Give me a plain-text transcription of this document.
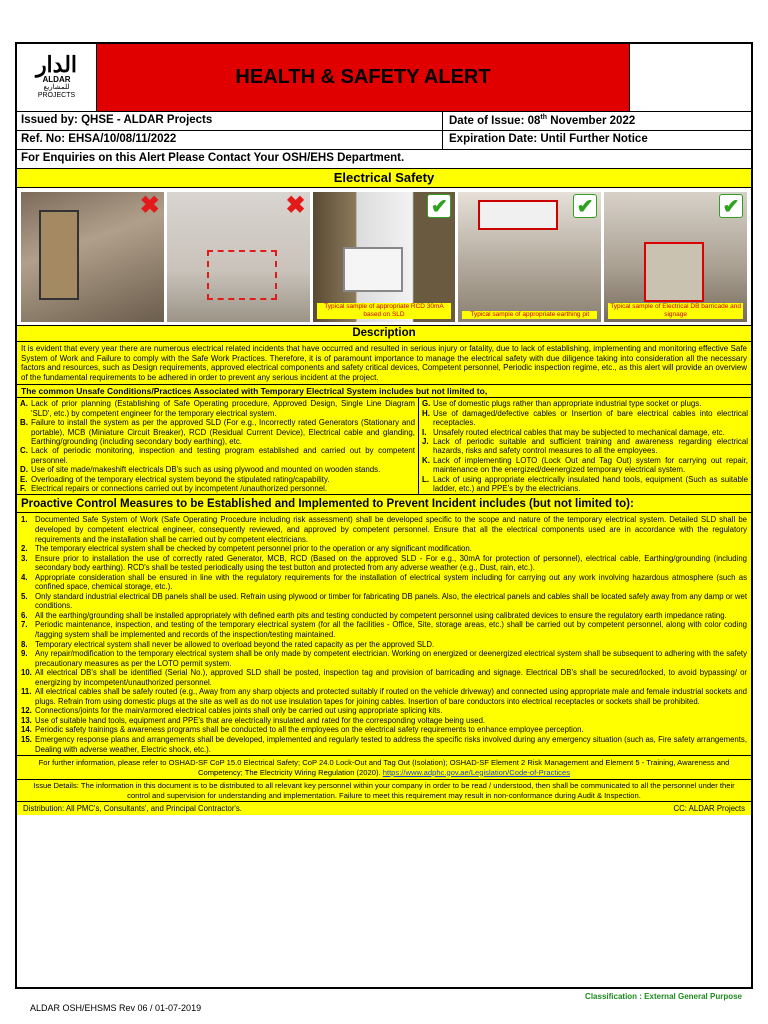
الدار
ALDAR
للمشاريع
PROJECTS
HEALTH & SAFETY ALERT
Issued by: QHSE - ALDAR Projects	Date of Issue: 08th November 2022
Ref. No: EHSA/10/08/11/2022	Expiration Date: Until Further Notice
For Enquiries on this Alert Please Contact Your OSH/EHS Department.
Electrical Safety
✖	✖	✔
Typical sample of appropriate RCD 30mA based on SLD
✔
Typical sample of appropriate earthing pit
✔
Typical sample of Electrical DB barricade and signage
Description
It is evident that every year there are numerous electrical related incidents that have occurred and resulted in serious injury or fatality, due to lack of establishing, implementing and monitoring effective Safe System of Work and Failure to comply with the Safe Work Practices. Therefore, it is of paramount importance to manage the electrical safety with due diligence taking into consideration all the necessary factors and resources, such as Design requirements, approved electrical components and safety critical devices, Competent personnel, Periodic inspection regime, etc., as this alert will provide an overview of the fundamental requirements to be adhered in order to prevent any serious incident at the project.
The common Unsafe Conditions/Practices Associated with Temporary Electrical System includes but not limited to,
A. Lack of prior planning (Establishing of Safe Operating procedure, Approved Design, Single Line Diagram 'SLD', etc.) by competent engineer for the temporary electrical system.
B. Failure to install the system as per the approved SLD (For e.g., Incorrectly rated Generators (Stationary and portable), MCB (Miniature Circuit Breaker), RCD (Residual Current Device), Electrical cable and glanding, Earthing/grounding (including secondary body earthing), etc.
C. Lack of periodic monitoring, inspection and testing program established and carried out by competent personnel.
D. Use of site made/makeshift electricals DB's such as using plywood and mounted on wooden stands.
E. Overloading of the temporary electrical system beyond the stipulated rating/capability.
F. Electrical repairs or connections carried out by incompetent /unauthorized personnel.
G. Use of domestic plugs rather than appropriate industrial type socket or plugs.
H. Use of damaged/defective cables or Insertion of bare electrical cables into electrical receptacles.
I. Unsafely routed electrical cables that may be subjected to mechanical damage, etc.
J. Lack of periodic suitable and sufficient training and awareness regarding electrical hazards, risks and safety control measures to all the employees.
K. Lack of implementing LOTO (Lock Out and Tag Out) system for carrying out repair, maintenance on the energized/deenergized temporary electrical system.
L. Lack of using appropriate electrically insulated hand tools, equipment (Such as suitable ladder, etc.) and PPE's by the electricians.
Proactive Control Measures to be Established and Implemented to Prevent Incident includes (but not limited to):
1. Documented Safe System of Work (Safe Operating Procedure including risk assessment) shall be developed specific to the scope and nature of the temporary electrical system. Detailed SLD shall be developed by competent electrical engineer, consequently reviewed, and approved by competent personnel. Ensure that all the electrical components used are in accordance with the regulatory requirements and the installation shall be carried out by competent electricians.
2. The temporary electrical system shall be checked by competent personnel prior to the operation or any significant modification.
3. Ensure prior to installation the use of correctly rated Generator, MCB, RCD (Based on the approved SLD - For e.g., 30mA for protection of personnel), electrical cable, Earthing/grounding (including secondary body earthing). RCD's shall be tested periodically using the test button and protected from any adverse weather (e.g., Dust, rain, etc.).
4. Appropriate consideration shall be ensured in line with the regulatory requirements for the installation of electrical system including for carrying out any work involving hazardous atmosphere (such as confined space, chemical storage, etc.).
5. Only standard industrial electrical DB panels shall be used. Refrain using plywood or timber for fabricating DB panels. Also, the electrical panels and cables shall be located safely away from any damp or wet conditions.
6. All the earthing/grounding shall be installed appropriately with defined earth pits and testing conducted by competent personnel using calibrated devices to ensure the regulatory earth impedance rating.
7. Periodic maintenance, inspection, and testing of the temporary electrical system (for all the facilities - Office, Site, storage areas, etc.) shall be carried out by competent personnel, along with color coding /tagging system shall be implemented and records of the inspection/testing maintained.
8. Temporary electrical system shall never be allowed to overload beyond the rated capacity as per the approved SLD.
9. Any repair/modification to the temporary electrical system shall be only made by competent electrician. Working on energized or deenergized electrical system shall be subsequent to adhering with the safety precautionary measures as per the LOTO permit system.
10. All electrical DB's shall be identified (Serial No.), approved SLD shall be posted, inspection tag and provision of barricading and signage. Electrical DB's shall be secured/locked, to avoid bypassing/ or energizing by incompetent/unauthorized personnel.
11. All electrical cables shall be safely routed (e.g., Away from any sharp objects and protected suitably if routed on the vehicle driveway) and connected using appropriate male and female industrial sockets and plugs. Refrain from using domestic plugs at the site as well as do not use insulation tapes for joining cables. Insertion of bare conductors into electrical receptacles or sockets shall be prohibited.
12. Connections/joints for the main/armored electrical cables joints shall only be carried out using appropriate splicing kits.
13. Use of suitable hand tools, equipment and PPE's that are electrically insulated and rated for the corresponding voltage being used.
14. Periodic safety trainings & awareness programs shall be conducted to all the employees on the electrical safety requirements to enhance employee perception.
15. Emergency response plans and arrangements shall be developed, implemented and regularly tested to address the specific risks involved during any emergency situation (such as, Fire safety arrangements, Dealing with adverse weather, Electric shock, etc.).
For further information, please refer to OSHAD-SF CoP 15.0 Electrical Safety; CoP 24.0 Lock-Out and Tag Out (Isolation); OSHAD-SF Element 2 Risk Management and Element 5 - Training, Awareness and Competency; The Electricity Wiring Regulation (2020). https://www.adphc.gov.ae/Legislation/Code-of-Practices
Issue Details: The information in this document is to be distributed to all relevant key personnel within your company in order to be read / understood, then shall be communicated to all the personnel under their control and supervision for understanding and implementation. Failure to meet this requirement may result in non-conformance during Audit & Inspection.
Distribution: All PMC's, Consultants', and Principal Contractor's.	CC: ALDAR Projects
Classification : External General Purpose
ALDAR OSH/EHSMS Rev 06 / 01-07-2019
